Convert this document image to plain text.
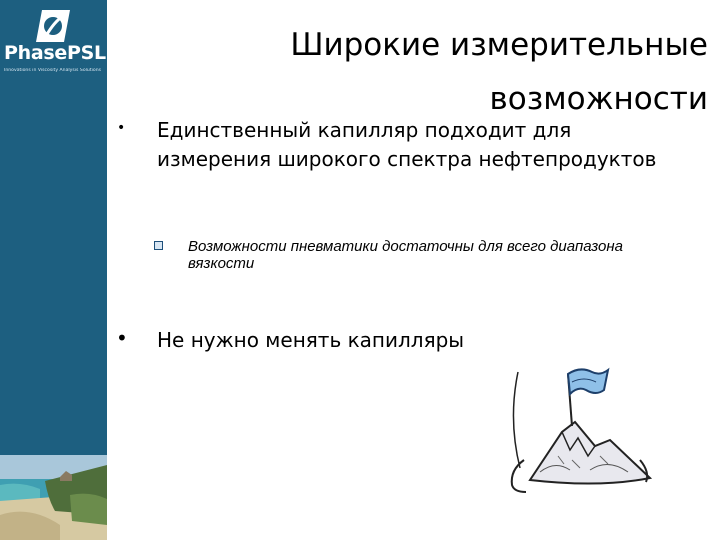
PhasePSL
Innovations in Viscosity Analysis Solutions
Широкие измерительные возможности
• Единственный капилляр подходит для измерения широкого спектра нефтепродуктов
Возможности пневматики достаточны для всего диапазона вязкости
• Не нужно менять капилляры
